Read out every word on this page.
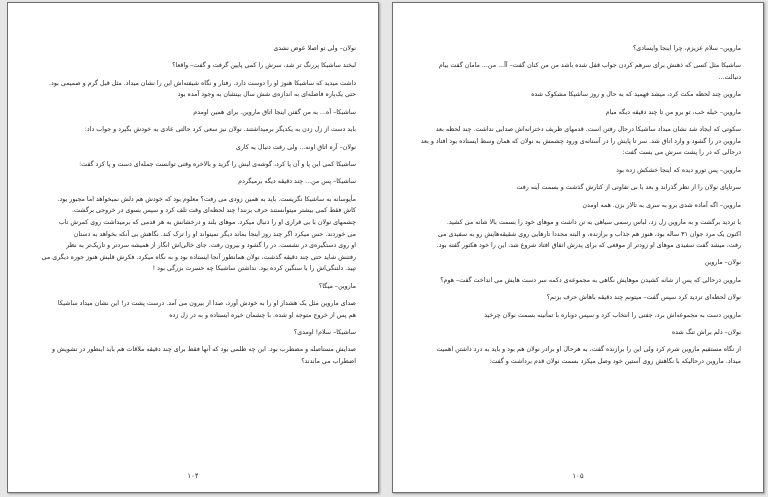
نولان– ولی تو اصلا عوض نشدی

لبخند ساشیکا پررنگ تر شد، سرش را کمی پایین گرفت و گفت– واقعا؟

داشت میدید که ساشیکا هنوز او را دوست دارد. رفتار و نگاه شیفته‌اش این را نشان میداد. مثل قبل گرم و صمیمی بود.
حتی یک‌باره فاصله‌ای به اندازه‌ی شش سال بینشان به وجود آمده بود

ساشیکا– آه... به من گفتن اینجا اتاق ماروین. برای همین اومدم

باید دست از زل زدن به یکدیگر برمیداشتند. نولان نیز سعی کرد حالتی عادی به خودش بگیرد و جواب داد:

نولان– آره اتاق اونه... ولی رفت دنبال یه کاری

ساشیکا کمی این پا و آن پا کرد، گوشه‌ی لبش را گزید و بالاخره وقتی توانست جمله‌ای دست و پا کرد گفت:

ساشیکا– پس من... چند دقیقه دیگه برمیگردم

مأیوسانه به ساشیکا نگریست. باید به همین زودی می رفت؟ معلوم بود که خودش هم دلش نمیخواهد اما مجبور بود.
کاش فقط کمی بیشتر میتوانستند حرف بزنند! چند لحظه‌ای وقت تلف کرد و سپس بسوی در خروجی برگشت.
چشمهای نولان با بی قراری او را دنبال میکرد. موهای بلند و درخشانش به هر قدمی که برمیداشت روی کمرش تاب
می خوردند. حس میکرد اگر چند روز اینجا بماند دیگر نمیتواند او را ترک کند. نگاهش بی آنکه بخواهد به دستان
او روی دستگیره‌ی در نشست. در را گشود و بیرون رفت. جای خالی‌اش انگار از همیشه سردتر و تاریک‌تر به نظر
رفتنش شاید حتی چند دقیقه گذشت، نولان همانطور آنجا ایستاده بود و به نگاه میکرد. فکرش قلبش هنوز جوره دیگری می
تپید. دلتنگی‌اش را با سنگین کرده بود. نداشتن ساشیکا چه حسرت بزرگی بود !

ماروین– میگا؟

صدای ماروین مثل یک هشدار او را به خودش آورد، صدا از بیرون می آمد. درست پشت در! این نشان میداد ساشیکا
هم پس از خروج متوجه او شده. با چشمان خیره ایستاده و به در زل زده

ساشیکا– سلام! اومدی؟

صدایش مستاصله و مضطرب بود. این چه ظلمی بود که آنها فقط برای چند دقیقه ملاقات هم باید اینطور در تشویش و
اضطراب می ماندند؟

۱۰۴

ماروین– سلام عزیزم، چرا اینجا وایسادی؟

ساشیکا مثل کسی که ذهنش برای سرهم کردن جواب قفل شده باشد من من کنان گفت– آآ... من... مامان گفت بیام
دنبالت...

ماروین چند لحظه مکث کرد، میشد فهمید که به حال و روز ساشیکا مشکوک شده

ماروین– خیله خب، تو برو من تا چند دقیقه دیگه میام

سکوتی که ایجاد شد نشان میداد ساشیکا درحال رفتن است. قدمهای ظریف دخترانه‌اش صدایی نداشت. چند لحظه بعد
ماروین در را گشود و وارد اتاق شد. سر تا پایش را در آستانه‌ی ورود چشمش به نولان که همان وسط ایستاده بود افتاد و بعد
درحالی که در را پشت سرش می بست گفت:

ماروین– پس تورو دیده که اینجا خشکش زده بود

سرتاپای نولان را از نظر گذراند و بعد با بی تفاوتی از کنارش گذشت و بسمت آینه رفت

ماروین– اگه آماده شدی برو به سری به تالار بزن. همه اومدن

با تردید برگشت و به ماروین زل زد، لباس رسمی سیاهی به تن داشت و موهای خود را بسمت بالا شانه می کشید.
اکنون یک مرد جوان ۳۱ ساله بود، هنوز هم جذاب و برازنده، و البته مجددا تارهایی روی شقیقه‌هایش رو به سفیدی می
رفت، میشد گفت سفیدی موهای او زودتر از موقعی که برای پدرش اتفاق افتاد شروع شد. این را خود هکتور گفته بود.

نولان– ماروین

ماروین درحالی که پس از شانه کشیدن موهایش نگاهی به مجموعه‌ی دکمه سر دست هایش می انداخت گفت– هوم؟

نولان لحظه‌ای تردید کرد سپس گفت– میتونم چند دقیقه باهاش حرف بزنم؟

ماروین دست به مجموعه‌اش برد، جفتی را انتخاب کرد و سپس دوباره با تمأنینه بسمت نولان چرخید

نولان– دلم براش تنگ شده

از نگاه مستقیم ماروین شرم کرد ولی این را برازنده گفت، به هرحال او برادر نولان هم بود و باید به درد داشتن اهمیت
میداد. ماروین درحالیکه با نگاهش روی آستین خود وصل میکرد بسمت نولان قدم برداشت و گفت:

۱۰۵
